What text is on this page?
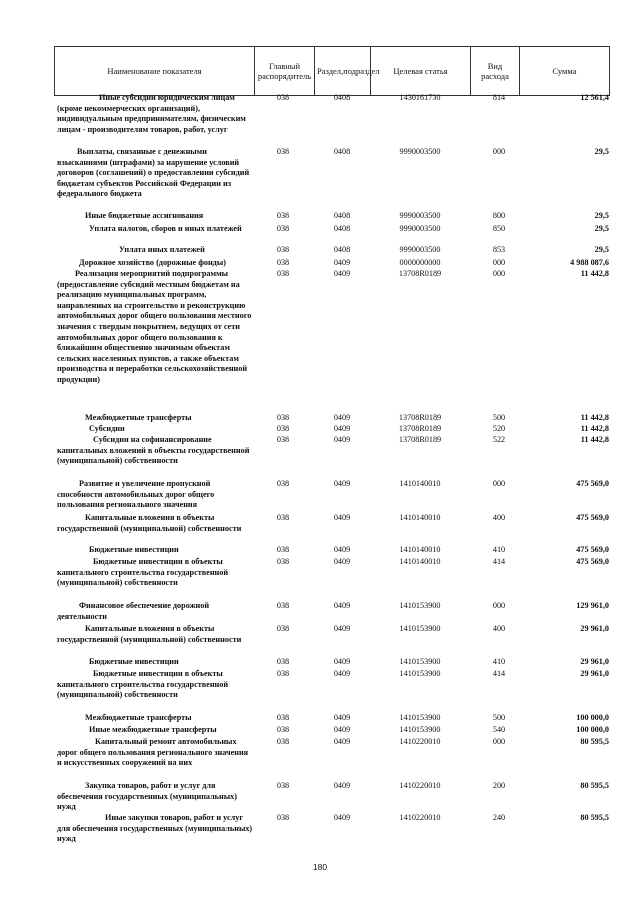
Наименование показателя	Главный распорядитель	Раздел,подраздел	Целевая статья	Вид расхода	Сумма
Иные субсидии юридическим лицам (кроме некоммерческих организаций), индивидуальным предпринимателям, физическим лицам - производителям товаров, работ, услуг
038	0408	1430161730	814	12 561,4
Выплаты, связанные с денежными взысканиями (штрафами) за нарушение условий договоров (соглашений) о предоставлении субсидий бюджетам субъектов Российской Федерации из федерального бюджета
038	0408	9990003500	000	29,5
Иные бюджетные ассигнования	038	0408	9990003500	800	29,5
Уплата налогов, сборов и иных платежей	038	0408	9990003500	850	29,5
Уплата иных платежей	038	0408	9990003500	853	29,5
Дорожное хозяйство (дорожные фонды)	038	0409	0000000000	000	4 988 087,6
Реализация мероприятий подпрограммы (предоставление субсидий местным бюджетам на реализацию муниципальных программ, направленных на строительство и реконструкцию автомобильных дорог общего пользования местного значения с твердым покрытием, ведущих от сети автомобильных дорог общего пользования к ближайшим общественно значимым объектам сельских населенных пунктов, а также объектам производства и переработки сельскохозяйственной продукции)
038	0409	13708R0189	000	11 442,8
Межбюджетные трансферты	038	0409	13708R0189	500	11 442,8
Субсидии	038	0409	13708R0189	520	11 442,8
Субсидии на софинансирование капитальных вложений в объекты государственной (муниципальной) собственности
038	0409	13708R0189	522	11 442,8
Развитие и увеличение пропускной способности автомобильных дорог общего пользования регионального значения
038	0409	1410140010	000	475 569,0
Капитальные вложения в объекты государственной (муниципальной) собственности
038	0409	1410140010	400	475 569,0
Бюджетные инвестиции	038	0409	1410140010	410	475 569,0
Бюджетные инвестиции в объекты капитального строительства государственной (муниципальной) собственности
038	0409	1410140010	414	475 569,0
Финансовое обеспечение дорожной деятельности
038	0409	1410153900	000	129 961,0
Капитальные вложения в объекты государственной (муниципальной) собственности
038	0409	1410153900	400	29 961,0
Бюджетные инвестиции	038	0409	1410153900	410	29 961,0
Бюджетные инвестиции в объекты капитального строительства государственной (муниципальной) собственности
038	0409	1410153900	414	29 961,0
Межбюджетные трансферты	038	0409	1410153900	500	100 000,0
Иные межбюджетные трансферты	038	0409	1410153900	540	100 000,0
Капитальный ремонт автомобильных дорог общего пользования регионального значения и искусственных сооружений на них
038	0409	1410220010	000	80 595,5
Закупка товаров, работ и услуг для обеспечения государственных (муниципальных) нужд
038	0409	1410220010	200	80 595,5
Иные закупки товаров, работ и услуг для обеспечения государственных (муниципальных) нужд
038	0409	1410220010	240	80 595,5
180
